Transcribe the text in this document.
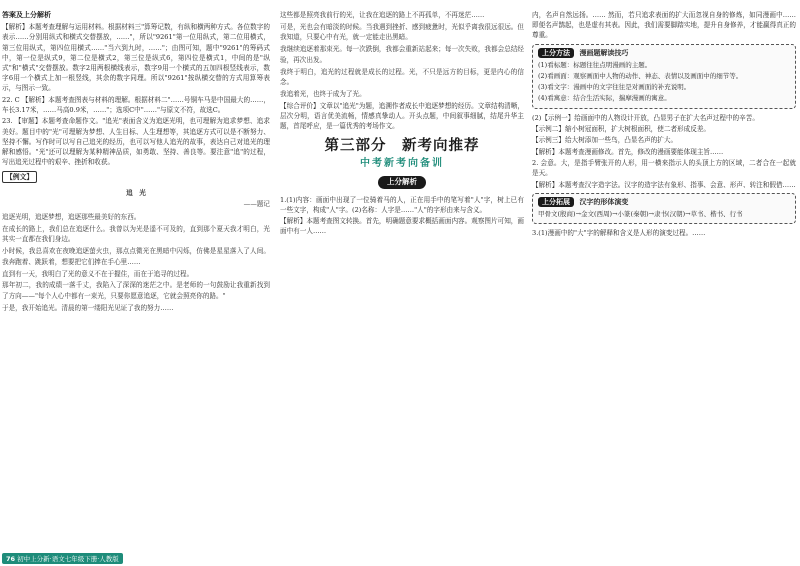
答案及上分解析

【解析】本题考查理解与运用材料。根据材料三"算筹记数，有纵和横两种方式。各位数字的表示……分别用纵式和横式交替摆放，……"，所以"9261"第一位用纵式，第二位用横式，第三位用纵式，第四位用横式……"当六到九时，……"；由图可知，题中"9261"的筹码式中，第一位是纵式9，第二位是横式2，第三位是纵式6，第四位是横式1，中间的是"纵式"和"横式"交替摆放。数字2用两根横线表示，数字9用一个横式的五加四根竖线表示，数字6用一个横式上加一根竖线，其余的数字同理。所以"9261"按纵横交替的方式用算筹表示，与图示一致。

22. C 【解析】本题考查图表与材料的理解。根据材料二"……号铜车马是中国最大的……，车长3.17米，……马高0.9米，……"；选项C中"……"与原文不符，故选C。

23. 【审题】本题考查命题作文。"追光"表面含义为追逐光明，也可理解为追求梦想、追求美好。题目中的"光"可理解为梦想、人生目标、人生理想等，其追逐方式可以是不断努力、坚持不懈。写作时可以写自己追光的经历，也可以写他人追光的故事，表达自己对追光的理解和感悟。"光"还可以理解为某种精神品质，如勇敢、坚持、善良等。要注意"追"的过程，写出追光过程中的艰辛、挫折和收获。

【例文】
追　光
——题记

追逐光明，追逐梦想，追逐那些最美好的东西。

在成长的路上，我们总在追逐什么。我曾以为光是遥不可及的，直到那个夏天我才明白，光其实一直都在我们身边。

小时候，我总喜欢在夜晚追逐萤火虫，那点点微光在黑暗中闪烁，仿佛是星星落入了人间。我奔跑着、跳跃着，想要把它们捧在手心里……

直到有一天，我明白了光的意义不在于握住，而在于追寻的过程。

那年初二，我的成绩一落千丈，我陷入了深深的迷茫之中。是老师的一句鼓励让我重新找到了方向——"每个人心中都有一束光，只要你愿意追逐，它就会照亮你的路。"

于是，我开始追光。清晨的第一缕阳光见证了我的努力……

这些都是照亮我前行的光，让我在追逐的路上不再孤单，不再迷茫……

可是，光也会有暗淡的时候。当我遇到挫折、感到疲惫时，光似乎离我很远很远。但我知道，只要心中有光，就一定能走出黑暗。

我继续追逐着那束光。每一次跌倒，我都会重新站起来；每一次失败，我都会总结经验，再次出发。

我终于明白，追光的过程就是成长的过程。光，不只是远方的目标，更是内心的信念。

我追着光，也终于成为了光。

【综合评价】文章以"追光"为题，追溯作者成长中追逐梦想的经历。文章结构清晰，层次分明，语言优美流畅，情感真挚动人。开头点题，中间叙事细腻，结尾升华主题，首尾呼应，是一篇优秀的考场作文。

第三部分　新考向推荐
中考新考向备训
上分解析

1.(1)内容：画面中出现了一位骑着马的人，正在用手中的笔写着"人"字，树上已有一些文字，构成"人"字。(2)名称：人字是……"人"的字形由来与含义。

【解析】本题考查图文转换。首先，明确题意要求概括画面内容。观察图片可知，画面中有一人……

内，名声自然远扬。…… 然而，若只追求表面的扩大而忽视自身的修炼，如同漫画中……即便名声鹊起，也是虚有其表。因此，我们需要脚踏实地，提升自身修养，才能赢得真正的尊重。

上分方法 漫画题解读技巧

(1)看标题：标题往往点明漫画的主题。

(2)看画面：观察画面中人物的动作、神态、表情以及画面中的细节等。

(3)看文字：漫画中的文字往往是对画面的补充说明。

(4)看寓意：结合生活实际，揣摩漫画的寓意。

(2)【示例一】给画面中的人物设计开放，凸显男子在扩大名声过程中的辛苦。

【示例二】缩小树冠面积，扩大树根面积，使二者形成反差。

【示例三】给大树添加一些鸟，凸显名声的扩大。

【解析】本题考查漫画修改。首先，修改的漫画要能体现主旨……

2. 会意。大，是指手臂张开的人形，用一横来指示人的头顶上方的区域，二者合在一起就是天。

【解析】本题考查汉字造字法。汉字的造字法有象形、指事、会意、形声、转注和假借……

上分拓展 汉字的形体演变

甲骨文(殷商)→金文(西周)→小篆(秦朝)→隶书(汉朝)→草书、楷书、行书

3.(1)漫画中的"大"字的解释和含义是人形的演变过程。……

76 初中上分新·语文七年级下册·人教版
